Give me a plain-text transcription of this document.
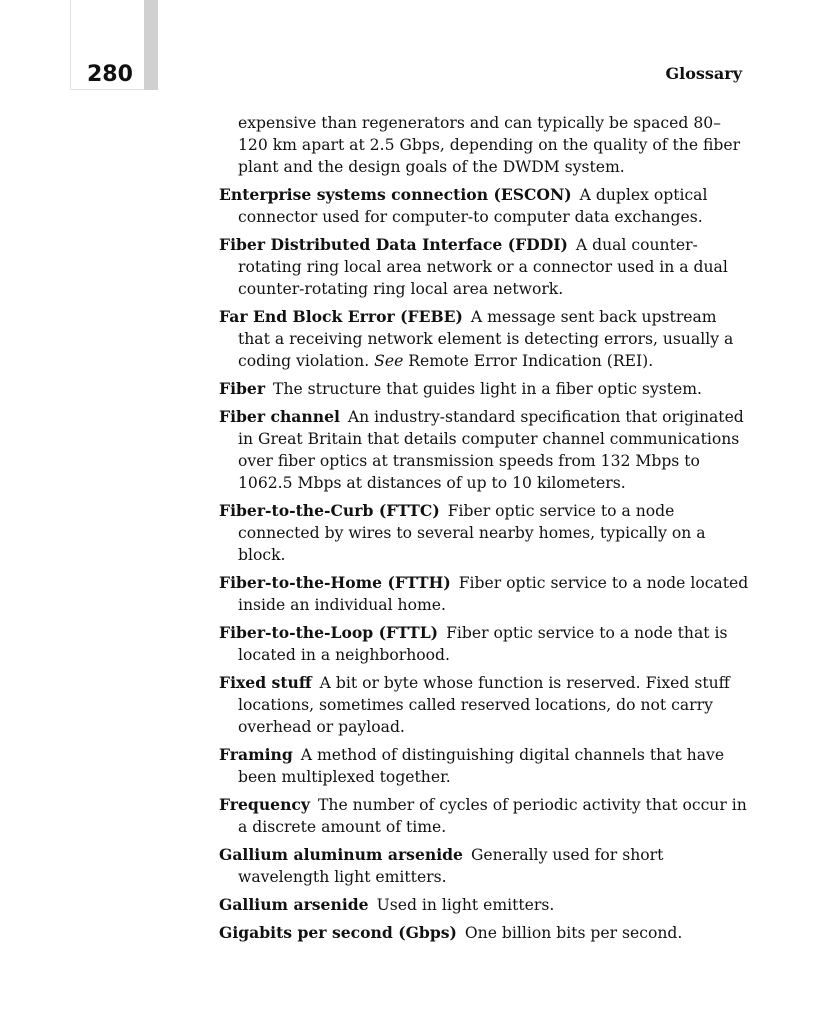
280	Glossary

expensive than regenerators and can typically be spaced 80–120 km apart at 2.5 Gbps, depending on the quality of the fiber plant and the design goals of the DWDM system.

Enterprise systems connection (ESCON) A duplex optical connector used for computer-to computer data exchanges.

Fiber Distributed Data Interface (FDDI) A dual counter-rotating ring local area network or a connector used in a dual counter-rotating ring local area network.

Far End Block Error (FEBE) A message sent back upstream that a receiving network element is detecting errors, usually a coding violation. See Remote Error Indication (REI).

Fiber The structure that guides light in a fiber optic system.

Fiber channel An industry-standard specification that originated in Great Britain that details computer channel communications over fiber optics at transmission speeds from 132 Mbps to 1062.5 Mbps at distances of up to 10 kilometers.

Fiber-to-the-Curb (FTTC) Fiber optic service to a node connected by wires to several nearby homes, typically on a block.

Fiber-to-the-Home (FTTH) Fiber optic service to a node located inside an individual home.

Fiber-to-the-Loop (FTTL) Fiber optic service to a node that is located in a neighborhood.

Fixed stuff A bit or byte whose function is reserved. Fixed stuff locations, sometimes called reserved locations, do not carry overhead or payload.

Framing A method of distinguishing digital channels that have been multiplexed together.

Frequency The number of cycles of periodic activity that occur in a discrete amount of time.

Gallium aluminum arsenide Generally used for short wavelength light emitters.

Gallium arsenide Used in light emitters.

Gigabits per second (Gbps) One billion bits per second.
